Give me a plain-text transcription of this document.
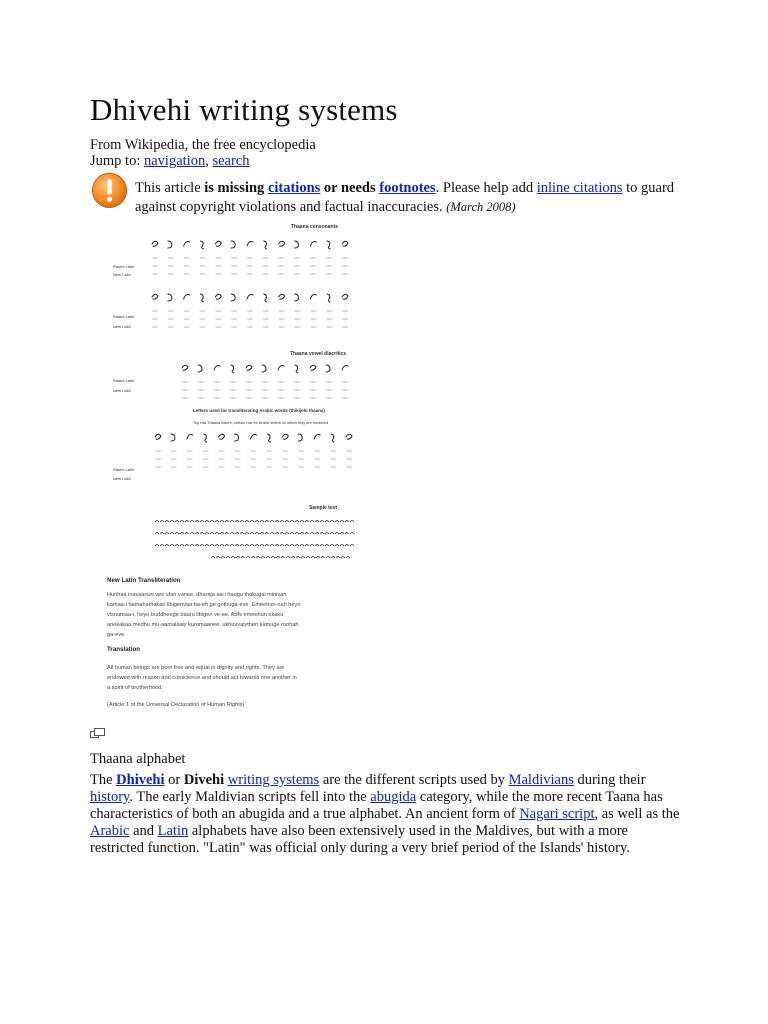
Dhivehi writing systems
From Wikipedia, the free encyclopedia
Jump to: navigation, search
This article is missing citations or needs footnotes. Please help add inline citations to guard against copyright violations and factual inaccuracies. (March 2008)
Thaana consonants
Rasmi Latin
New Latin
Rasmi Latin
New Latin
Thaana vowel diacritics
Rasmi Latin
New Latin
Letters used for transliterating Arabic words (thikijehi thaana)
Top row Thaana letters, bottom row for Arabic letters on which they are modelled
Rasmi Latin
New Latin
Sample text
New Latin Transliteration
Hurihaa inssaanun ves ufan vanee, dharaja aa-i haqqu thakugai minivan
kamaa-i hamahamakan libigenvaa ba-eh ge gothuga-eve. Emeehun-nah heyo
visnumaa-i, heyo buddheege baaru libigen ve-ee. Adhi emeehun ekaku
anekakaa medhu mu-aamalaaiy kuramaanee, ukhuvvaiytheri kamuge roohah
ga-eve.
Translation
All human beings are born free and equal in dignity and rights. They are
endowed with reason and conscience and should act towards one another in
a spirit of brotherhood.
(Article 1 of the Universal Declaration of Human Rights)
Thaana alphabet
The Dhivehi or Divehi writing systems are the different scripts used by Maldivians during their history. The early Maldivian scripts fell into the abugida category, while the more recent Taana has characteristics of both an abugida and a true alphabet. An ancient form of Nagari script, as well as the Arabic and Latin alphabets have also been extensively used in the Maldives, but with a more restricted function. "Latin" was official only during a very brief period of the Islands' history.
